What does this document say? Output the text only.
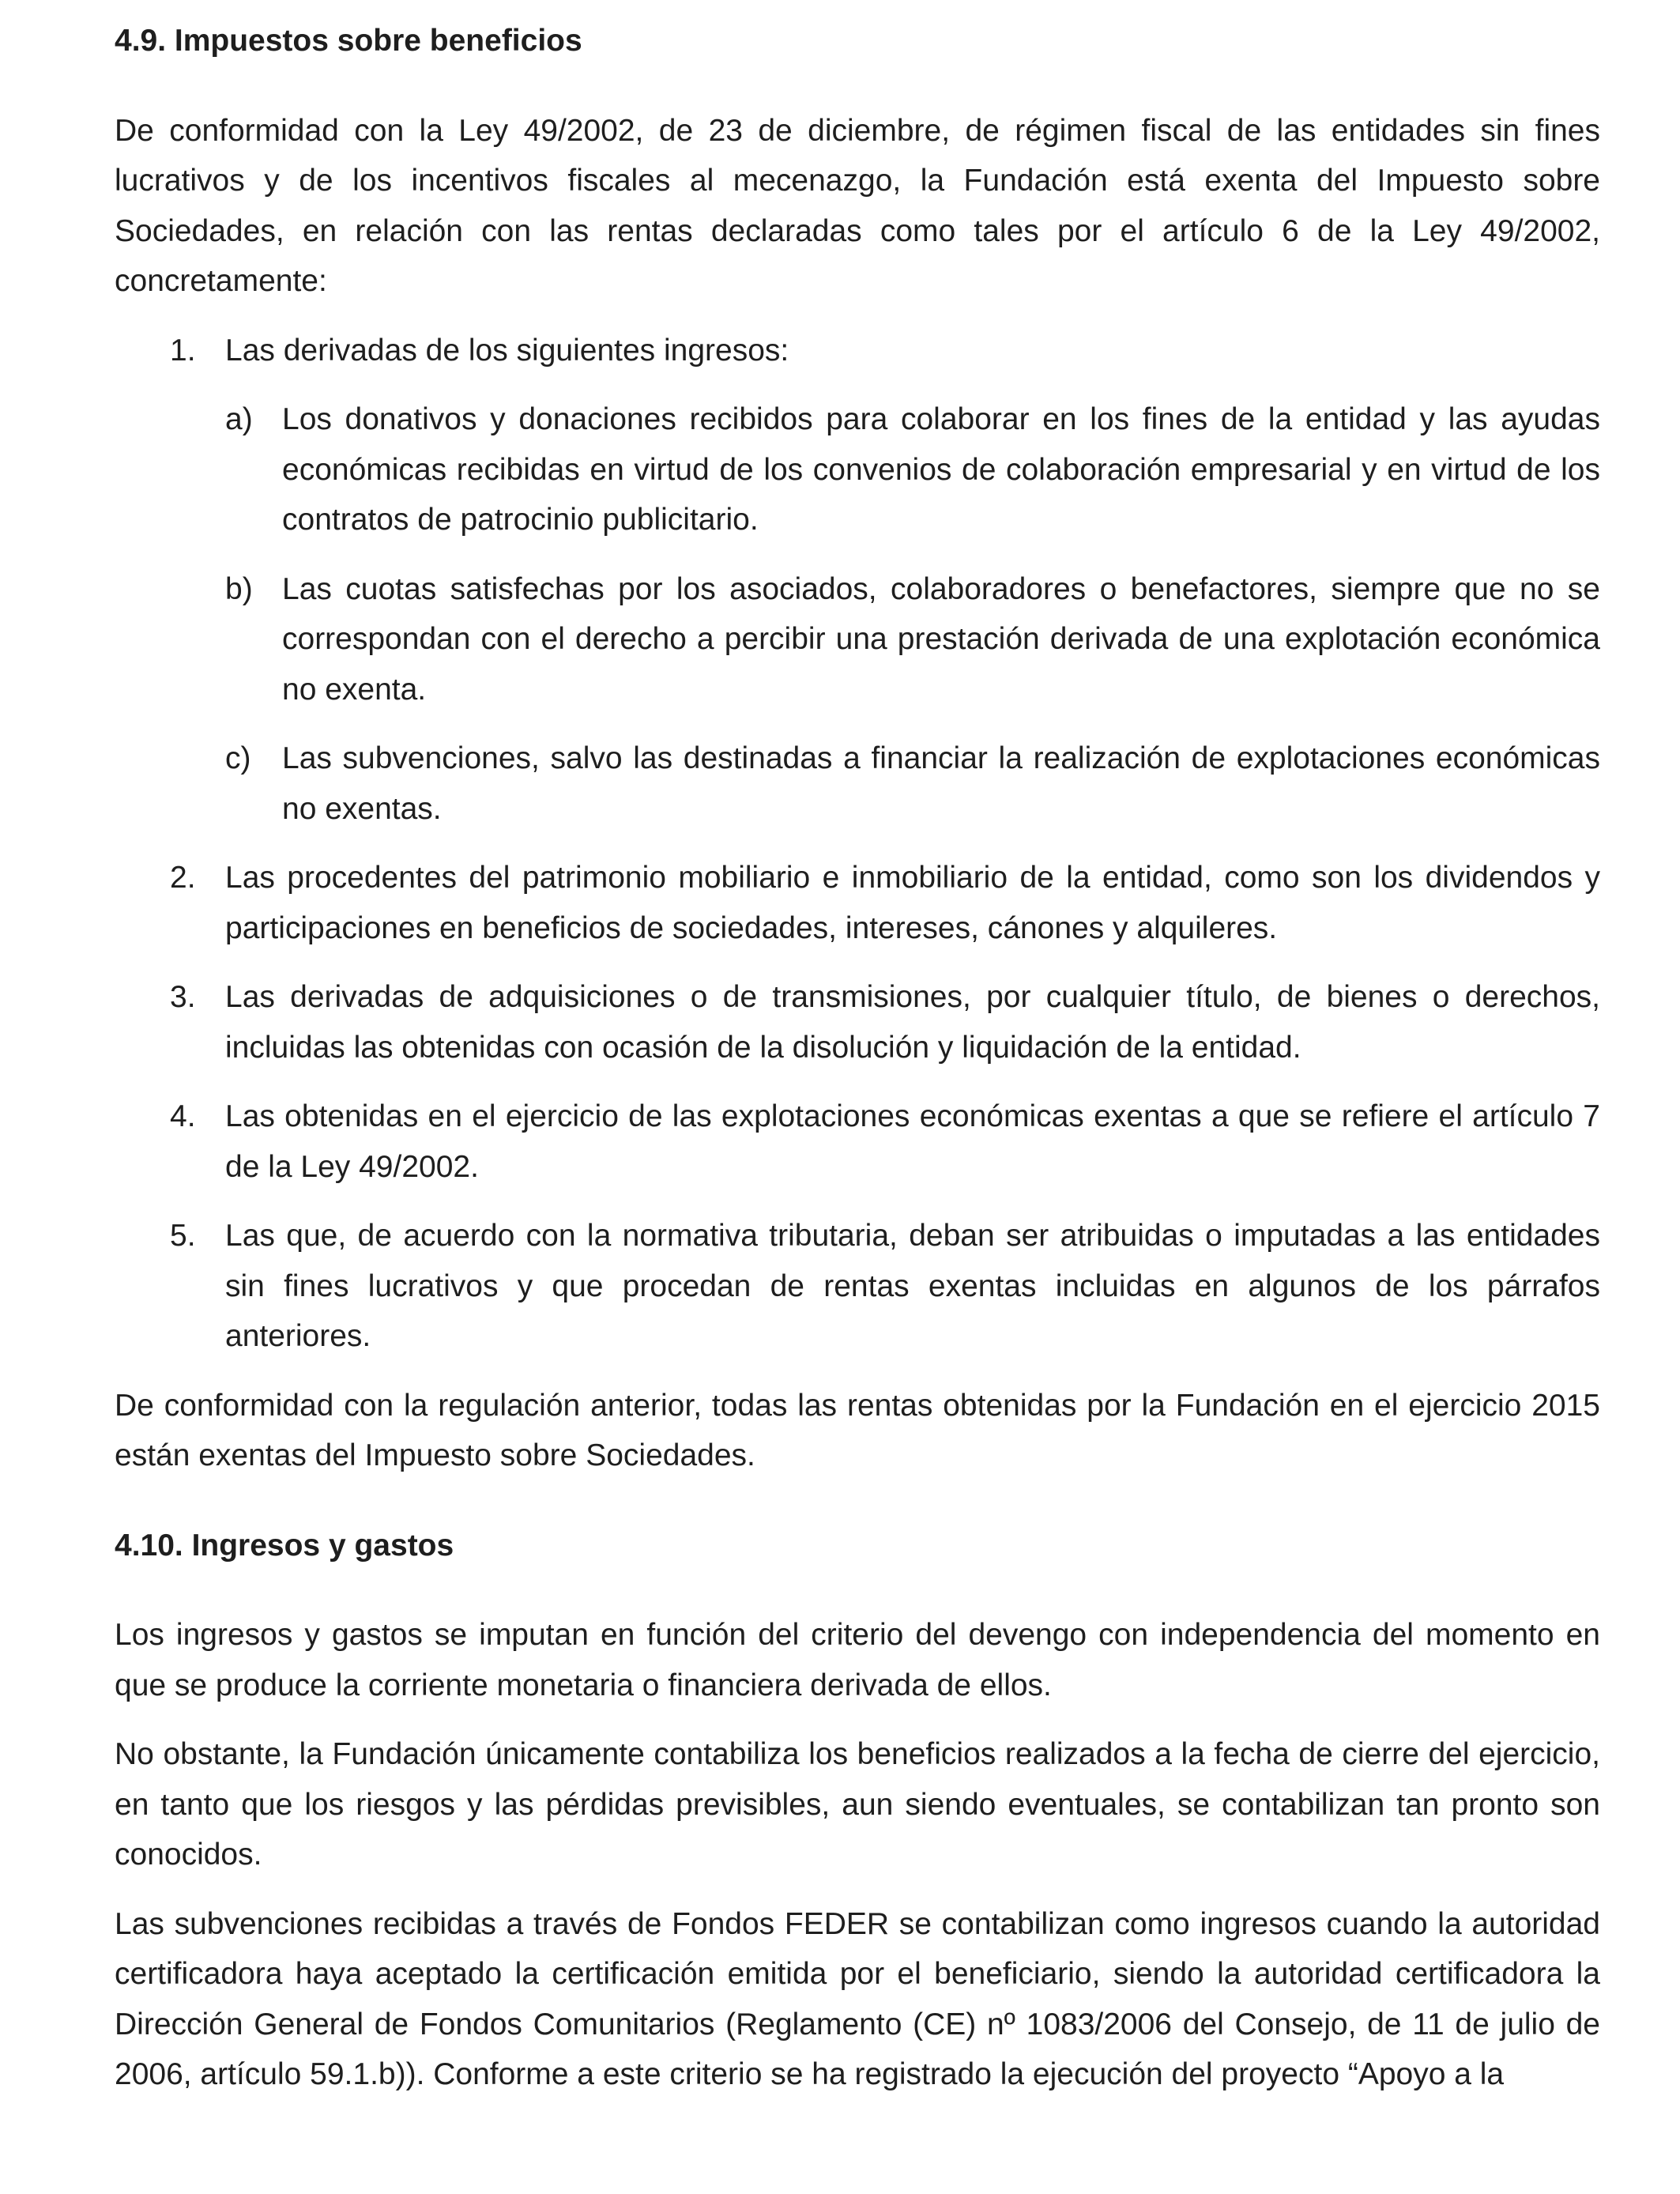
4.9. Impuestos sobre beneficios

De conformidad con la Ley 49/2002, de 23 de diciembre, de régimen fiscal de las entidades sin fines lucrativos y de los incentivos fiscales al mecenazgo, la Fundación está exenta del Impuesto sobre Sociedades, en relación con las rentas declaradas como tales por el artículo 6 de la Ley 49/2002, concretamente:

1. Las derivadas de los siguientes ingresos:
a) Los donativos y donaciones recibidos para colaborar en los fines de la entidad y las ayudas económicas recibidas en virtud de los convenios de colaboración empresarial y en virtud de los contratos de patrocinio publicitario.
b) Las cuotas satisfechas por los asociados, colaboradores o benefactores, siempre que no se correspondan con el derecho a percibir una prestación derivada de una explotación económica no exenta.
c)	Las subvenciones, salvo las destinadas a financiar la realización de explotaciones económicas no exentas.
2. Las procedentes del patrimonio mobiliario e inmobiliario de la entidad, como son los dividendos y participaciones en beneficios de sociedades, intereses, cánones y alquileres.
3. Las derivadas de adquisiciones o de transmisiones, por cualquier título, de bienes o derechos, incluidas las obtenidas con ocasión de la disolución y liquidación de la entidad.
4. Las obtenidas en el ejercicio de las explotaciones económicas exentas a que se refiere el artículo 7 de la Ley 49/2002.
5. Las que, de acuerdo con la normativa tributaria, deban ser atribuidas o imputadas a las entidades sin fines lucrativos y que procedan de rentas exentas incluidas en algunos de los párrafos anteriores.

De conformidad con la regulación anterior, todas las rentas obtenidas por la Fundación en el ejercicio 2015 están exentas del Impuesto sobre Sociedades.

4.10. Ingresos y gastos

Los ingresos y gastos se imputan en función del criterio del devengo con independencia del momento en que se produce la corriente monetaria o financiera derivada de ellos.

No obstante, la Fundación únicamente contabiliza los beneficios realizados a la fecha de cierre del ejercicio, en tanto que los riesgos y las pérdidas previsibles, aun siendo eventuales, se contabilizan tan pronto son conocidos.

Las subvenciones recibidas a través de Fondos FEDER se contabilizan como ingresos cuando la autoridad certificadora haya aceptado la certificación emitida por el beneficiario, siendo la autoridad certificadora la Dirección General de Fondos Comunitarios (Reglamento (CE) nº 1083/2006 del Consejo, de 11 de julio de 2006, artículo 59.1.b)). Conforme a este criterio se ha registrado la ejecución del proyecto “Apoyo a la
